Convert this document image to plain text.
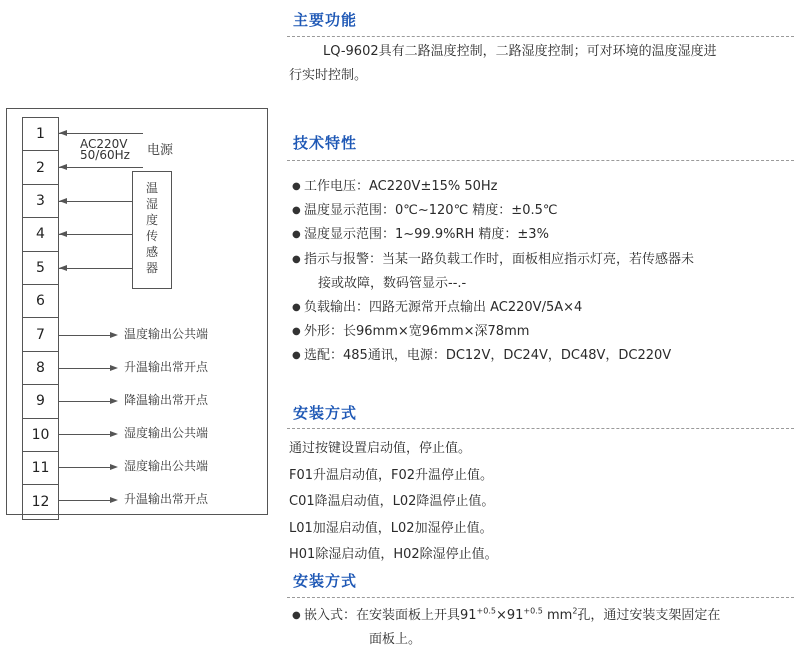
1
2
3
4
5
6
7
8
9
10
11
12
AC220V
50/60Hz 电源
温
湿
度
传
感
器
温度输出公共端
升温输出常开点
降温输出常开点
湿度输出公共端
湿度输出公共端
升温输出常开点
主要功能
LQ-9602具有二路温度控制，二路湿度控制；可对环境的温度湿度进
行实时控制。
技术特性
● 工作电压：AC220V±15% 50Hz
● 温度显示范围：0℃~120℃ 精度：±0.5℃
● 湿度显示范围：1~99.9%RH 精度：±3%
● 指示与报警：当某一路负载工作时，面板相应指示灯亮，若传感器未
接或故障，数码管显示--.-
● 负载输出：四路无源常开点输出 AC220V/5A×4
● 外形：长96mm×宽96mm×深78mm
● 选配：485通讯，电源：DC12V，DC24V，DC48V，DC220V
安装方式
通过按键设置启动值，停止值。
F01升温启动值，F02升温停止值。
C01降温启动值，L02降温停止值。
L01加湿启动值，L02加湿停止值。
H01除湿启动值，H02除湿停止值。
安装方式
● 嵌入式：在安装面板上开具$91^{+0.5}\times 91^{+0.5}$ $mm^2$孔，通过安装支架固定在
面板上。
